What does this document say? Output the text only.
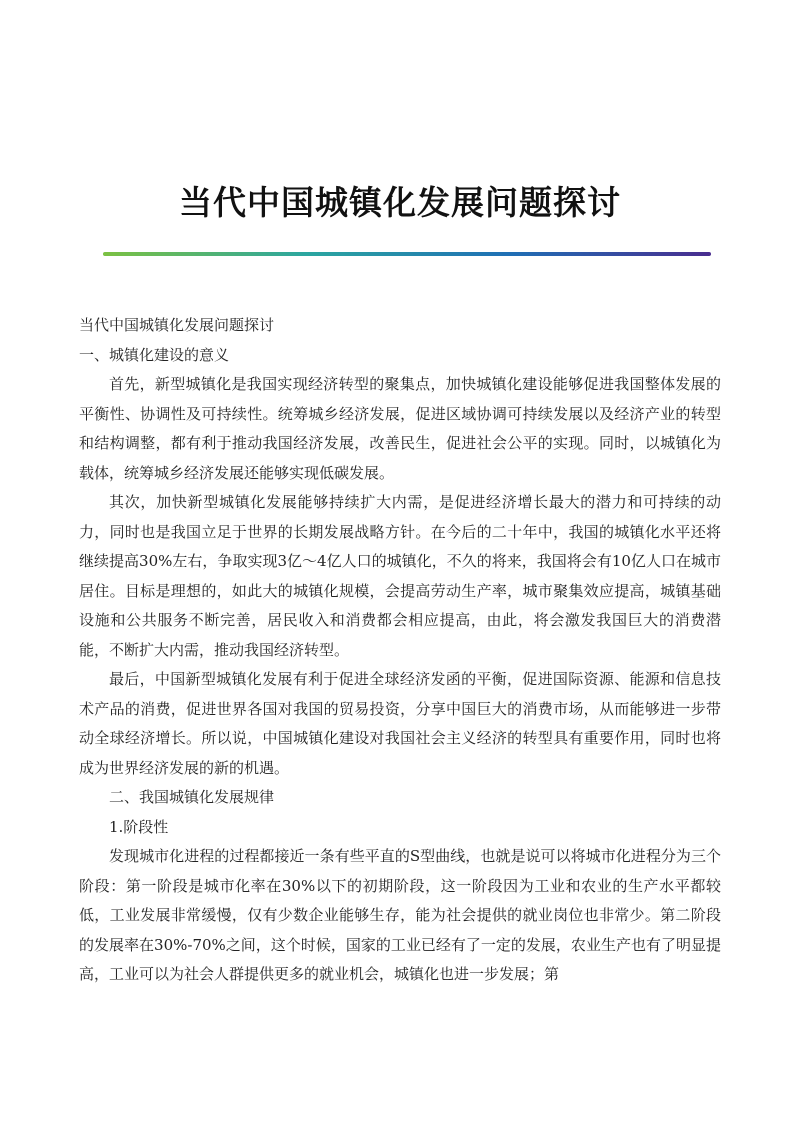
当代中国城镇化发展问题探讨

当代中国城镇化发展问题探讨

一、城镇化建设的意义

首先，新型城镇化是我国实现经济转型的聚集点，加快城镇化建设能够促进我国整体发展的平衡性、协调性及可持续性。统筹城乡经济发展，促进区域协调可持续发展以及经济产业的转型和结构调整，都有利于推动我国经济发展，改善民生，促进社会公平的实现。同时，以城镇化为载体，统筹城乡经济发展还能够实现低碳发展。

其次，加快新型城镇化发展能够持续扩大内需，是促进经济增长最大的潜力和可持续的动力，同时也是我国立足于世界的长期发展战略方针。在今后的二十年中，我国的城镇化水平还将继续提高30%左右，争取实现3亿～4亿人口的城镇化，不久的将来，我国将会有10亿人口在城市居住。目标是理想的，如此大的城镇化规模，会提高劳动生产率，城市聚集效应提高，城镇基础设施和公共服务不断完善，居民收入和消费都会相应提高，由此，将会激发我国巨大的消费潜能，不断扩大内需，推动我国经济转型。

最后，中国新型城镇化发展有利于促进全球经济发函的平衡，促进国际资源、能源和信息技术产品的消费，促进世界各国对我国的贸易投资，分享中国巨大的消费市场，从而能够进一步带动全球经济增长。所以说，中国城镇化建设对我国社会主义经济的转型具有重要作用，同时也将成为世界经济发展的新的机遇。

二、我国城镇化发展规律

1.阶段性

发现城市化进程的过程都接近一条有些平直的S型曲线，也就是说可以将城市化进程分为三个阶段：第一阶段是城市化率在30%以下的初期阶段，这一阶段因为工业和农业的生产水平都较低，工业发展非常缓慢，仅有少数企业能够生存，能为社会提供的就业岗位也非常少。第二阶段的发展率在30%-70%之间，这个时候，国家的工业已经有了一定的发展，农业生产也有了明显提高，工业可以为社会人群提供更多的就业机会，城镇化也进一步发展；第
